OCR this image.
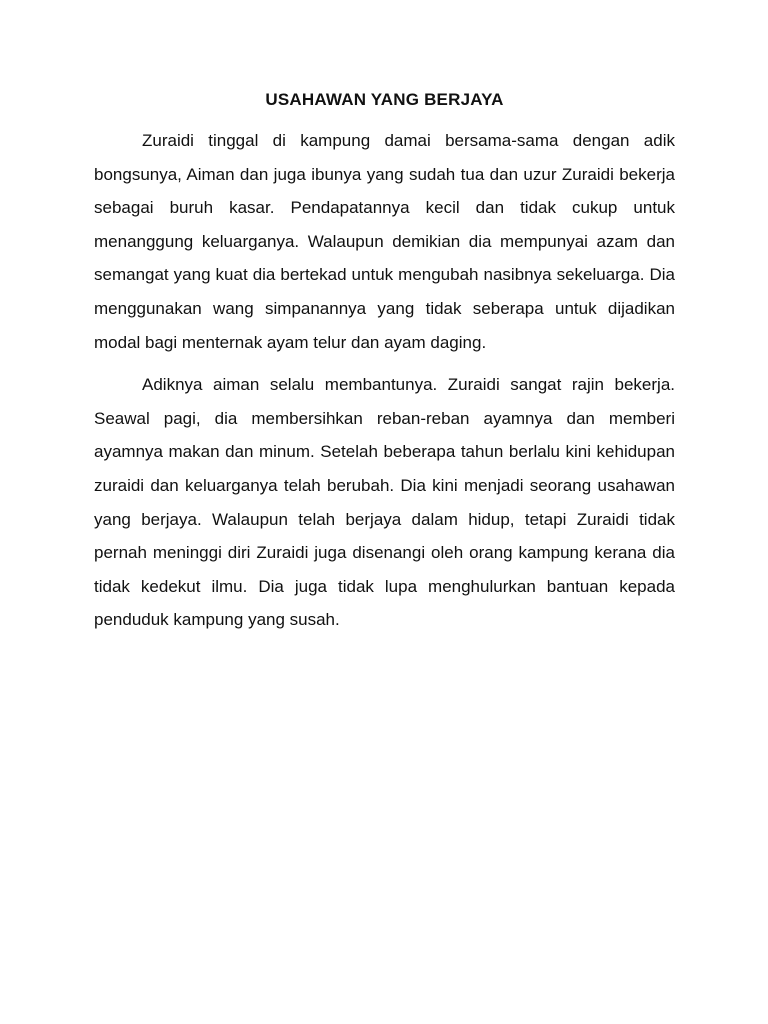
USAHAWAN YANG BERJAYA

Zuraidi tinggal di kampung damai bersama-sama dengan adik bongsunya, Aiman dan juga ibunya yang sudah tua dan uzur Zuraidi bekerja sebagai buruh kasar. Pendapatannya kecil dan tidak cukup untuk menanggung keluarganya. Walaupun demikian dia mempunyai azam dan semangat yang kuat dia bertekad untuk mengubah nasibnya sekeluarga. Dia menggunakan wang simpanannya yang tidak seberapa untuk dijadikan modal bagi menternak ayam telur dan ayam daging.

Adiknya aiman selalu membantunya. Zuraidi sangat rajin bekerja. Seawal pagi, dia membersihkan reban-reban ayamnya dan memberi ayamnya makan dan minum. Setelah beberapa tahun berlalu kini kehidupan zuraidi dan keluarganya telah berubah. Dia kini menjadi seorang usahawan yang berjaya. Walaupun telah berjaya dalam hidup, tetapi Zuraidi tidak pernah meninggi diri Zuraidi juga disenangi oleh orang kampung kerana dia tidak kedekut ilmu. Dia juga tidak lupa menghulurkan bantuan kepada penduduk kampung yang susah.
